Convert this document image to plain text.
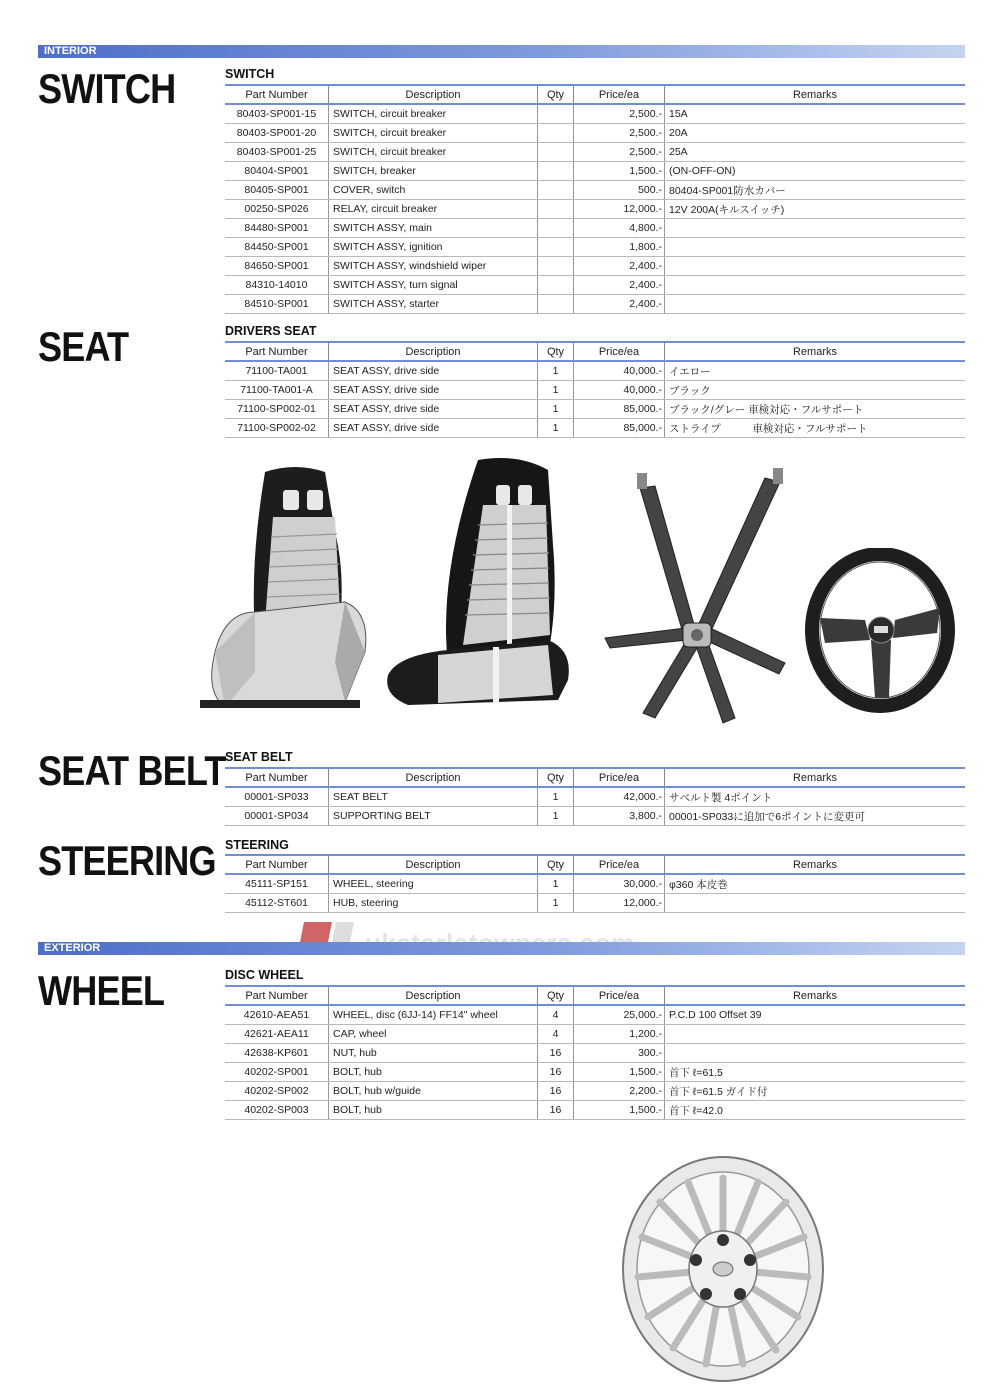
INTERIOR
SWITCH
SEAT
SEAT BELT
STEERING
WHEEL
SWITCH
DRIVERS SEAT
SEAT BELT
STEERING
DISC WHEEL
Part Number	Description	Qty	Price/ea	Remarks
80403-SP001-15	SWITCH, circuit breaker		2,500.-	15A
80403-SP001-20	SWITCH, circuit breaker		2,500.-	20A
80403-SP001-25	SWITCH, circuit breaker		2,500.-	25A
80404-SP001	SWITCH, breaker		1,500.-	(ON-OFF-ON)
80405-SP001	COVER, switch		500.-	80404-SP001防水カバー
00250-SP026	RELAY, circuit breaker		12,000.-	12V 200A(キルスイッチ)
84480-SP001	SWITCH ASSY, main		4,800.-	
84450-SP001	SWITCH ASSY, ignition		1,800.-	
84650-SP001	SWITCH ASSY, windshield wiper		2,400.-	
84310-14010	SWITCH ASSY, turn signal		2,400.-	
84510-SP001	SWITCH ASSY, starter		2,400.-	
Part Number	Description	Qty	Price/ea	Remarks
71100-TA001	SEAT ASSY, drive side	1	40,000.-	イエロー
71100-TA001-A	SEAT ASSY, drive side	1	40,000.-	ブラック
71100-SP002-01	SEAT ASSY, drive side	1	85,000.-	ブラック/グレー 車検対応・フルサポート
71100-SP002-02	SEAT ASSY, drive side	1	85,000.-	ストライプ　　　車検対応・フルサポート
Part Number	Description	Qty	Price/ea	Remarks
00001-SP033	SEAT BELT	1	42,000.-	サベルト製 4ポイント
00001-SP034	SUPPORTING BELT	1	3,800.-	00001-SP033に追加で6ポイントに変更可
Part Number	Description	Qty	Price/ea	Remarks
45111-SP151	WHEEL, steering	1	30,000.-	φ360 本皮巻
45112-ST601	HUB, steering	1	12,000.-	
Part Number	Description	Qty	Price/ea	Remarks
42610-AEA51	WHEEL, disc (6JJ-14) FF14" wheel	4	25,000.-	P.C.D 100 Offset 39
42621-AEA11	CAP, wheel	4	1,200.-	
42638-KP601	NUT, hub	16	300.-	
40202-SP001	BOLT, hub	16	1,500.-	首下 ℓ=61.5
40202-SP002	BOLT, hub w/guide	16	2,200.-	首下 ℓ=61.5 ガイド付
40202-SP003	BOLT, hub	16	1,500.-	首下 ℓ=42.0
EXTERIOR
